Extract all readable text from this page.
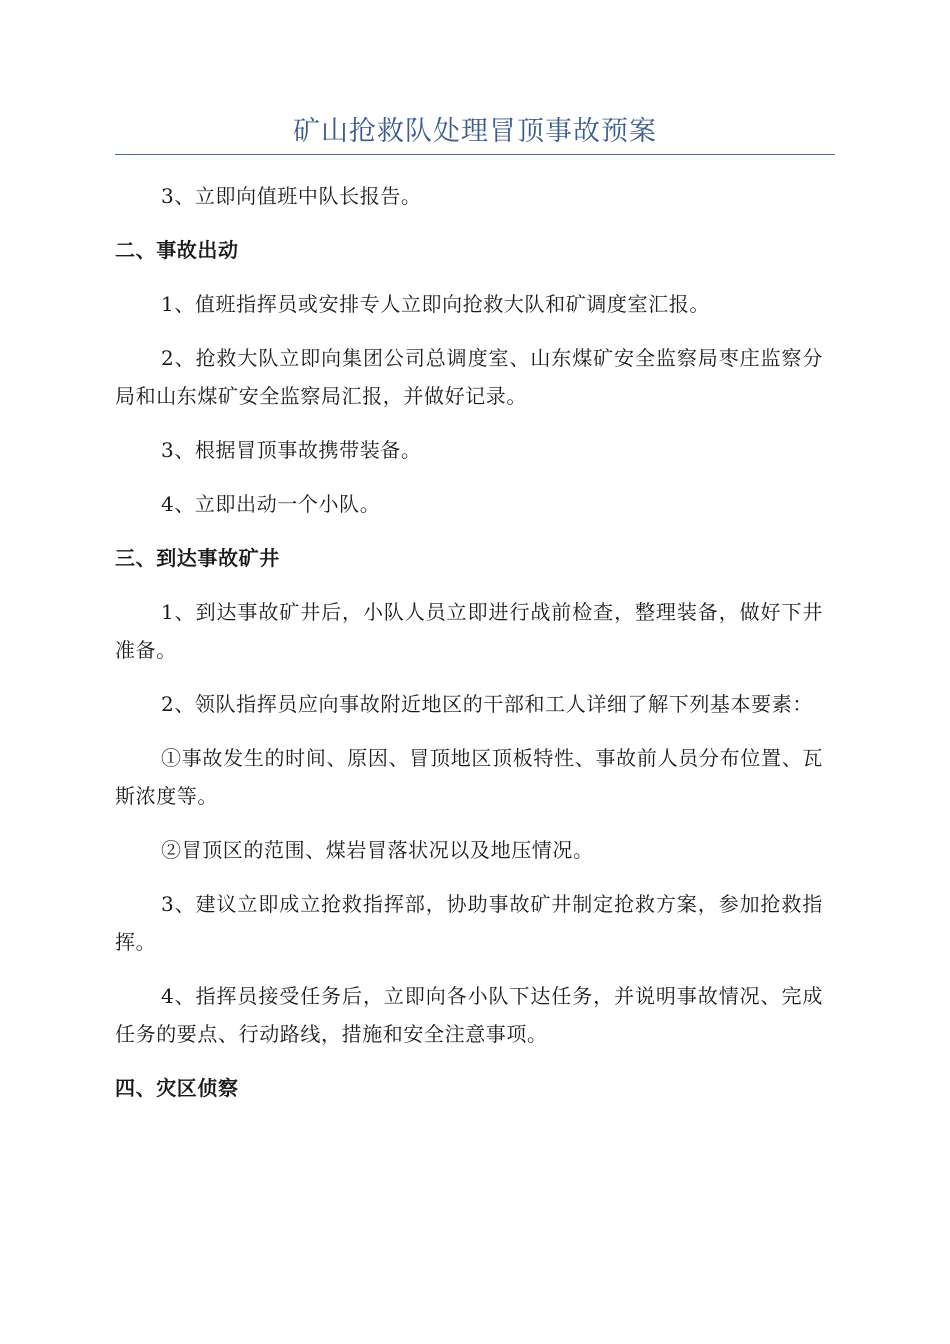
矿山抢救队处理冒顶事故预案

3、立即向值班中队长报告。

二、事故出动

1、值班指挥员或安排专人立即向抢救大队和矿调度室汇报。

2、抢救大队立即向集团公司总调度室、山东煤矿安全监察局枣庄监察分局和山东煤矿安全监察局汇报，并做好记录。

3、根据冒顶事故携带装备。

4、立即出动一个小队。

三、到达事故矿井

1、到达事故矿井后，小队人员立即进行战前检查，整理装备，做好下井准备。

2、领队指挥员应向事故附近地区的干部和工人详细了解下列基本要素：

①事故发生的时间、原因、冒顶地区顶板特性、事故前人员分布位置、瓦斯浓度等。

②冒顶区的范围、煤岩冒落状况以及地压情况。

3、建议立即成立抢救指挥部，协助事故矿井制定抢救方案，参加抢救指挥。

4、指挥员接受任务后，立即向各小队下达任务，并说明事故情况、完成任务的要点、行动路线，措施和安全注意事项。

四、灾区侦察
